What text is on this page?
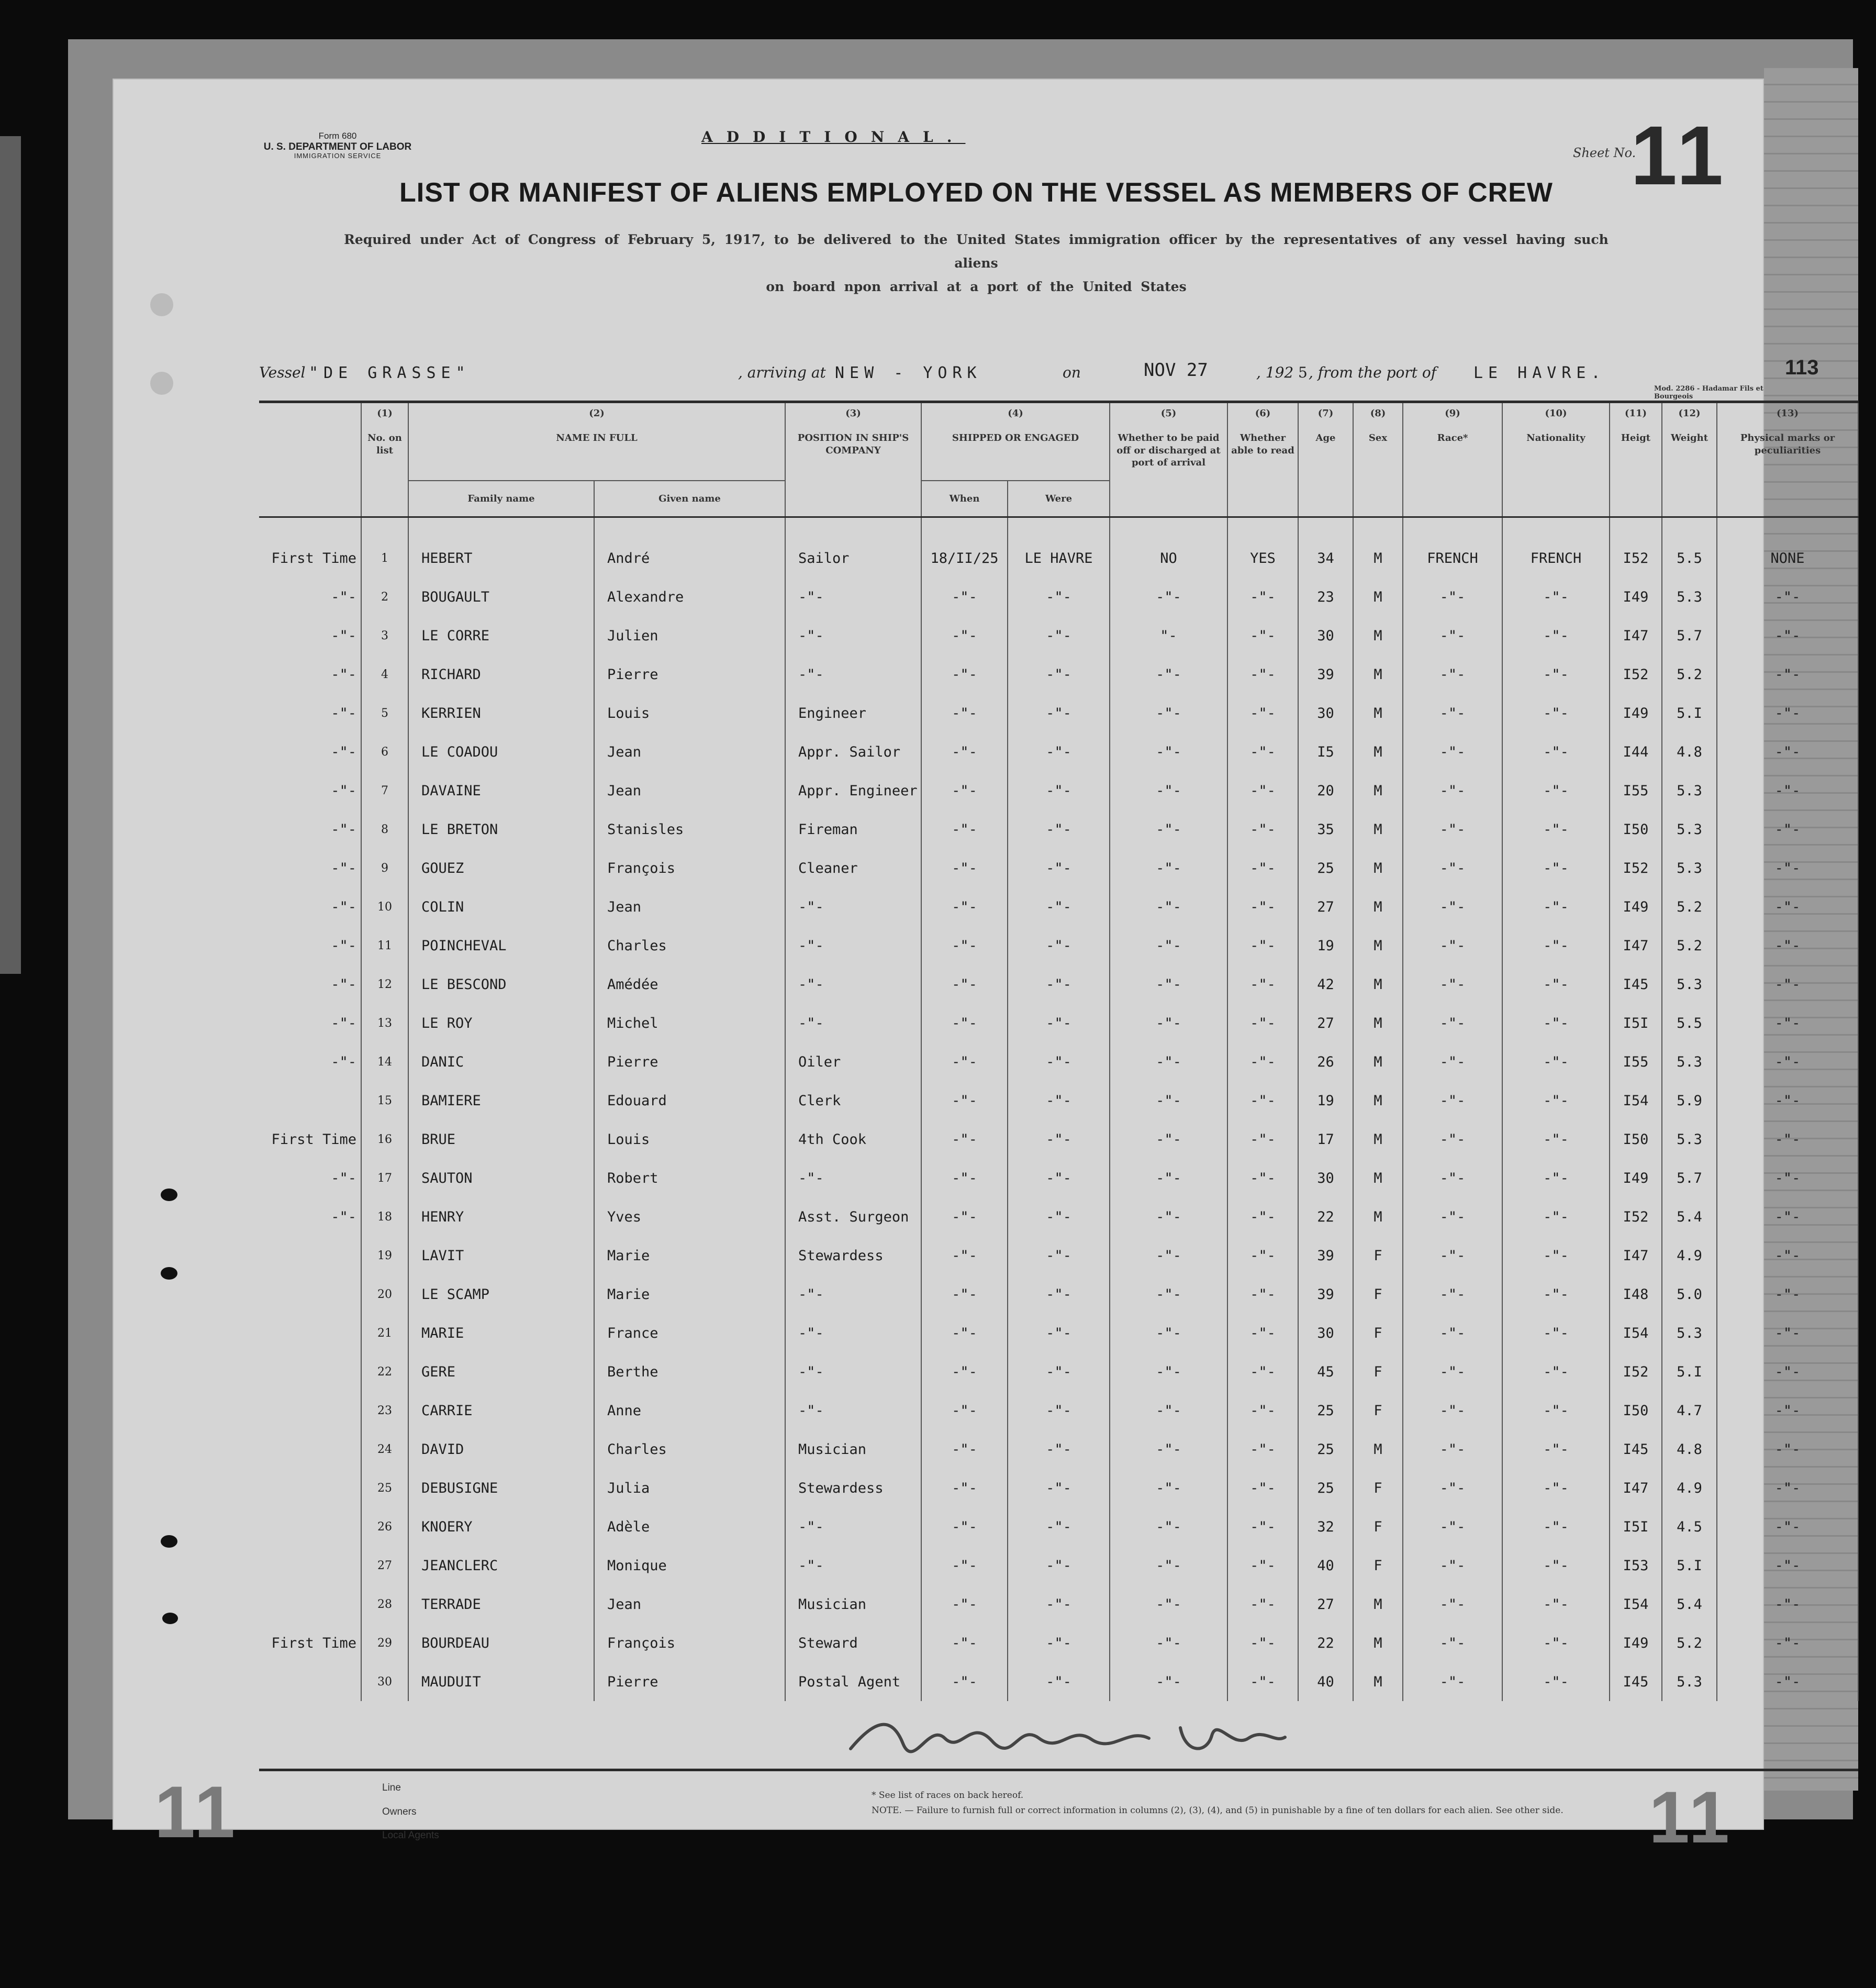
Form 680
U. S. DEPARTMENT OF LABOR
IMMIGRATION SERVICE
ADDITIONAL.
Sheet No.
11
LIST OR MANIFEST OF ALIENS EMPLOYED ON THE VESSEL AS MEMBERS OF CREW
Required under Act of Congress of February 5, 1917, to be delivered to the United States immigration officer by the representatives of any vessel having such aliens
on board npon arrival at a port of the United States
Vessel "DE GRASSE"	, arriving at NEW - YORK	on	NOV 27	, 192 5 , from the port of LE HAVRE.	113
Mod. 2286 - Hadamar Fils et Bourgeois

	(1)
No. on list	(2)
NAME IN FULL		(3)
POSITION IN SHIP'S COMPANY	(4)
SHIPPED OR ENGAGED		(5)
Whether to be paid off or discharged at port of arrival	(6)
Whether able to read	(7)
Age	(8)
Sex	(9)
Race*	(10)
Nationality	(11)
Heigt	(12)
Weight	(13)
Physical marks or peculiarities	

		Family name	Given name		When	Were										
First Time	1	HEBERT	André	Sailor	18/II/25	LE HAVRE	NO	YES	34	M	FRENCH	FRENCH	I52	5.5	NONE	
-"-	2	BOUGAULT	Alexandre	-"-	-"-	-"-	-"-	-"-	23	M	-"-	-"-	I49	5.3	-"-	
-"-	3	LE CORRE	Julien	-"-	-"-	-"-	"-	-"-	30	M	-"-	-"-	I47	5.7	-"-	
-"-	4	RICHARD	Pierre	-"-	-"-	-"-	-"-	-"-	39	M	-"-	-"-	I52	5.2	-"-	
-"-	5	KERRIEN	Louis	Engineer	-"-	-"-	-"-	-"-	30	M	-"-	-"-	I49	5.I	-"-	
-"-	6	LE COADOU	Jean	Appr. Sailor	-"-	-"-	-"-	-"-	I5	M	-"-	-"-	I44	4.8	-"-	
-"-	7	DAVAINE	Jean	Appr. Engineer	-"-	-"-	-"-	-"-	20	M	-"-	-"-	I55	5.3	-"-	
-"-	8	LE BRETON	Stanisles	Fireman	-"-	-"-	-"-	-"-	35	M	-"-	-"-	I50	5.3	-"-	
-"-	9	GOUEZ	François	Cleaner	-"-	-"-	-"-	-"-	25	M	-"-	-"-	I52	5.3	-"-	
-"-	10	COLIN	Jean	-"-	-"-	-"-	-"-	-"-	27	M	-"-	-"-	I49	5.2	-"-	
-"-	11	POINCHEVAL	Charles	-"-	-"-	-"-	-"-	-"-	19	M	-"-	-"-	I47	5.2	-"-	
-"-	12	LE BESCOND	Amédée	-"-	-"-	-"-	-"-	-"-	42	M	-"-	-"-	I45	5.3	-"-	
-"-	13	LE ROY	Michel	-"-	-"-	-"-	-"-	-"-	27	M	-"-	-"-	I5I	5.5	-"-	
-"-	14	DANIC	Pierre	Oiler	-"-	-"-	-"-	-"-	26	M	-"-	-"-	I55	5.3	-"-	
	15	BAMIERE	Edouard	Clerk	-"-	-"-	-"-	-"-	19	M	-"-	-"-	I54	5.9	-"-	
First Time	16	BRUE	Louis	4th Cook	-"-	-"-	-"-	-"-	17	M	-"-	-"-	I50	5.3	-"-	
-"-	17	SAUTON	Robert	-"-	-"-	-"-	-"-	-"-	30	M	-"-	-"-	I49	5.7	-"-	
-"-	18	HENRY	Yves	Asst. Surgeon	-"-	-"-	-"-	-"-	22	M	-"-	-"-	I52	5.4	-"-	
	19	LAVIT	Marie	Stewardess	-"-	-"-	-"-	-"-	39	F	-"-	-"-	I47	4.9	-"-	
	20	LE SCAMP	Marie	-"-	-"-	-"-	-"-	-"-	39	F	-"-	-"-	I48	5.0	-"-	
	21	MARIE	France	-"-	-"-	-"-	-"-	-"-	30	F	-"-	-"-	I54	5.3	-"-	
	22	GERE	Berthe	-"-	-"-	-"-	-"-	-"-	45	F	-"-	-"-	I52	5.I	-"-	
	23	CARRIE	Anne	-"-	-"-	-"-	-"-	-"-	25	F	-"-	-"-	I50	4.7	-"-	
	24	DAVID	Charles	Musician	-"-	-"-	-"-	-"-	25	M	-"-	-"-	I45	4.8	-"-	
	25	DEBUSIGNE	Julia	Stewardess	-"-	-"-	-"-	-"-	25	F	-"-	-"-	I47	4.9	-"-	
	26	KNOERY	Adèle	-"-	-"-	-"-	-"-	-"-	32	F	-"-	-"-	I5I	4.5	-"-	
	27	JEANCLERC	Monique	-"-	-"-	-"-	-"-	-"-	40	F	-"-	-"-	I53	5.I	-"-	
	28	TERRADE	Jean	Musician	-"-	-"-	-"-	-"-	27	M	-"-	-"-	I54	5.4	-"-	
First Time	29	BOURDEAU	François	Steward	-"-	-"-	-"-	-"-	22	M	-"-	-"-	I49	5.2	-"-	
	30	MAUDUIT	Pierre	Postal Agent	-"-	-"-	-"-	-"-	40	M	-"-	-"-	I45	5.3	-"-	
Line
Owners
Local Agents
* See list of races on back hereof.
NOTE. — Failure to furnish full or correct information in columns (2), (3), (4), and (5) in punishable by a fine of ten dollars for each alien. See other side.
11	11
